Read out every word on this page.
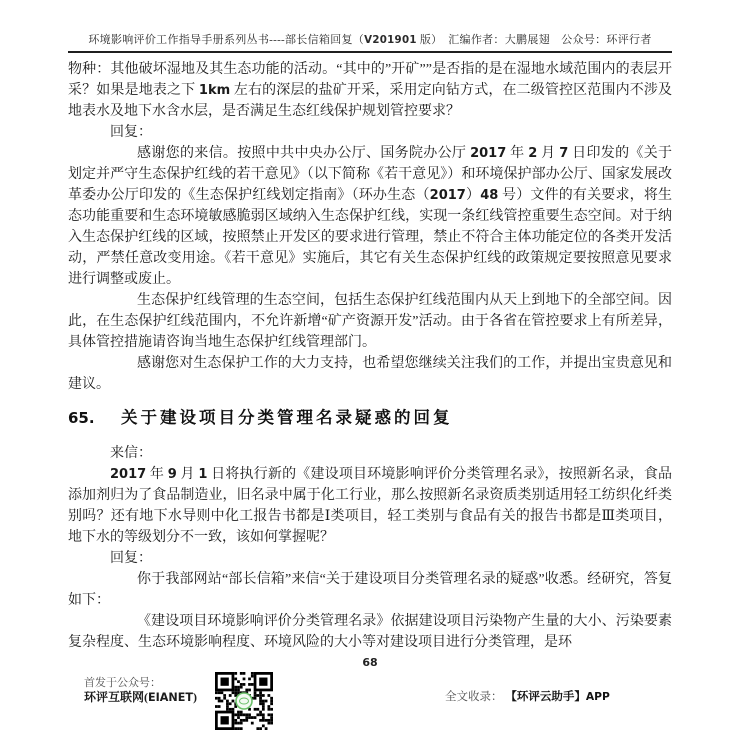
环境影响评价工作指导手册系列丛书----部长信箱回复（V201901 版）　汇编作者：大鹏展翅　公众号：环评行者

物种：其他破坏湿地及其生态功能的活动。“其中的”开矿””是否指的是在湿地水域范围内的表层开采？如果是地表之下 1km 左右的深层的盐矿开采，采用定向钻方式，在二级管控区范围内不涉及地表水及地下水含水层，是否满足生态红线保护规划管控要求？

回复：

感谢您的来信。按照中共中央办公厅、国务院办公厅 2017 年 2 月 7 日印发的《关于划定并严守生态保护红线的若干意见》（以下简称《若干意见》）和环境保护部办公厅、国家发展改革委办公厅印发的《生态保护红线划定指南》（环办生态（2017）48 号）文件的有关要求，将生态功能重要和生态环境敏感脆弱区域纳入生态保护红线，实现一条红线管控重要生态空间。对于纳入生态保护红线的区域，按照禁止开发区的要求进行管理，禁止不符合主体功能定位的各类开发活动，严禁任意改变用途。《若干意见》实施后，其它有关生态保护红线的政策规定要按照意见要求进行调整或废止。

生态保护红线管理的生态空间，包括生态保护红线范围内从天上到地下的全部空间。因此，在生态保护红线范围内，不允许新增“矿产资源开发”活动。由于各省在管控要求上有所差异，具体管控措施请咨询当地生态保护红线管理部门。

感谢您对生态保护工作的大力支持，也希望您继续关注我们的工作，并提出宝贵意见和建议。

65.	关于建设项目分类管理名录疑惑的回复

来信：

2017 年 9 月 1 日将执行新的《建设项目环境影响评价分类管理名录》，按照新名录，食品添加剂归为了食品制造业，旧名录中属于化工行业，那么按照新名录资质类别适用轻工纺织化纤类别吗？还有地下水导则中化工报告书都是Ⅰ类项目，轻工类别与食品有关的报告书都是Ⅲ类项目，地下水的等级划分不一致，该如何掌握呢？

回复：

你于我部网站“部长信箱”来信“关于建设项目分类管理名录的疑惑”收悉。经研究，答复如下：

《建设项目环境影响评价分类管理名录》依据建设项目污染物产生量的大小、污染要素复杂程度、生态环境影响程度、环境风险的大小等对建设项目进行分类管理，是环

68
首发于公众号：
环评互联网(EIANET)	全文收录： 【环评云助手】APP
